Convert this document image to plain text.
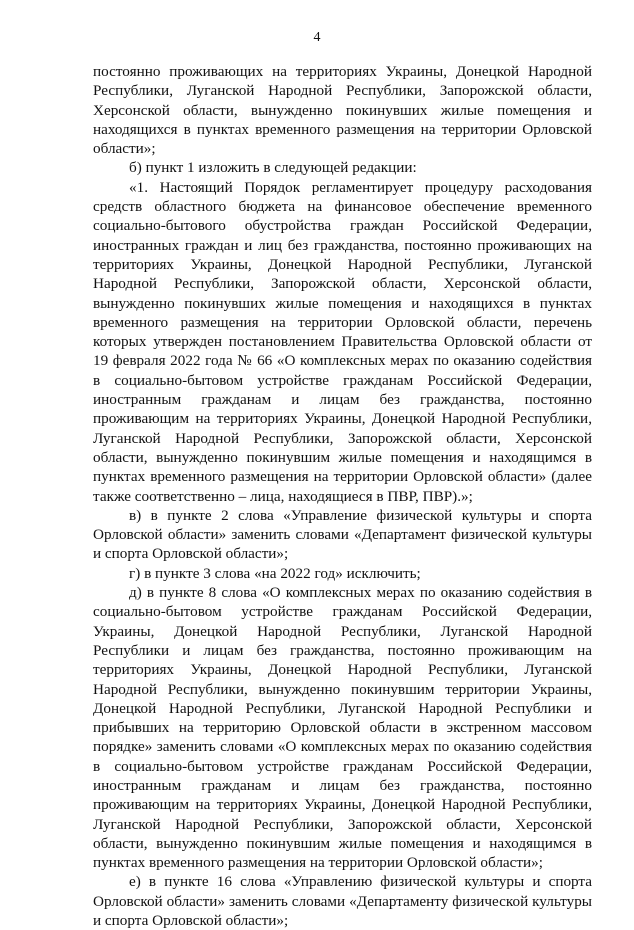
4

постоянно проживающих на территориях Украины, Донецкой Народной Республики, Луганской Народной Республики, Запорожской области, Херсонской области, вынужденно покинувших жилые помещения и находящихся в пунктах временного размещения на территории Орловской области»;

б) пункт 1 изложить в следующей редакции:

«1. Настоящий Порядок регламентирует процедуру расходования средств областного бюджета на финансовое обеспечение временного социально-бытового обустройства граждан Российской Федерации, иностранных граждан и лиц без гражданства, постоянно проживающих на территориях Украины, Донецкой Народной Республики, Луганской Народной Республики, Запорожской области, Херсонской области, вынужденно покинувших жилые помещения и находящихся в пунктах временного размещения на территории Орловской области, перечень которых утвержден постановлением Правительства Орловской области от 19 февраля 2022 года № 66 «О комплексных мерах по оказанию содействия в социально-бытовом устройстве гражданам Российской Федерации, иностранным гражданам и лицам без гражданства, постоянно проживающим на территориях Украины, Донецкой Народной Республики, Луганской Народной Республики, Запорожской области, Херсонской области, вынужденно покинувшим жилые помещения и находящимся в пунктах временного размещения на территории Орловской области» (далее также соответственно – лица, находящиеся в ПВР, ПВР).»;

в) в пункте 2 слова «Управление физической культуры и спорта Орловской области» заменить словами «Департамент физической культуры и спорта Орловской области»;

г) в пункте 3 слова «на 2022 год» исключить;

д) в пункте 8 слова «О комплексных мерах по оказанию содействия в социально-бытовом устройстве гражданам Российской Федерации, Украины, Донецкой Народной Республики, Луганской Народной Республики и лицам без гражданства, постоянно проживающим на территориях Украины, Донецкой Народной Республики, Луганской Народной Республики, вынужденно покинувшим территории Украины, Донецкой Народной Республики, Луганской Народной Республики и прибывших на территорию Орловской области в экстренном массовом порядке» заменить словами «О комплексных мерах по оказанию содействия в социально-бытовом устройстве гражданам Российской Федерации, иностранным гражданам и лицам без гражданства, постоянно проживающим на территориях Украины, Донецкой Народной Республики, Луганской Народной Республики, Запорожской области, Херсонской области, вынужденно покинувшим жилые помещения и находящимся в пунктах временного размещения на территории Орловской области»;

е) в пункте 16 слова «Управлению физической культуры и спорта Орловской области» заменить словами «Департаменту физической культуры и спорта Орловской области»;
